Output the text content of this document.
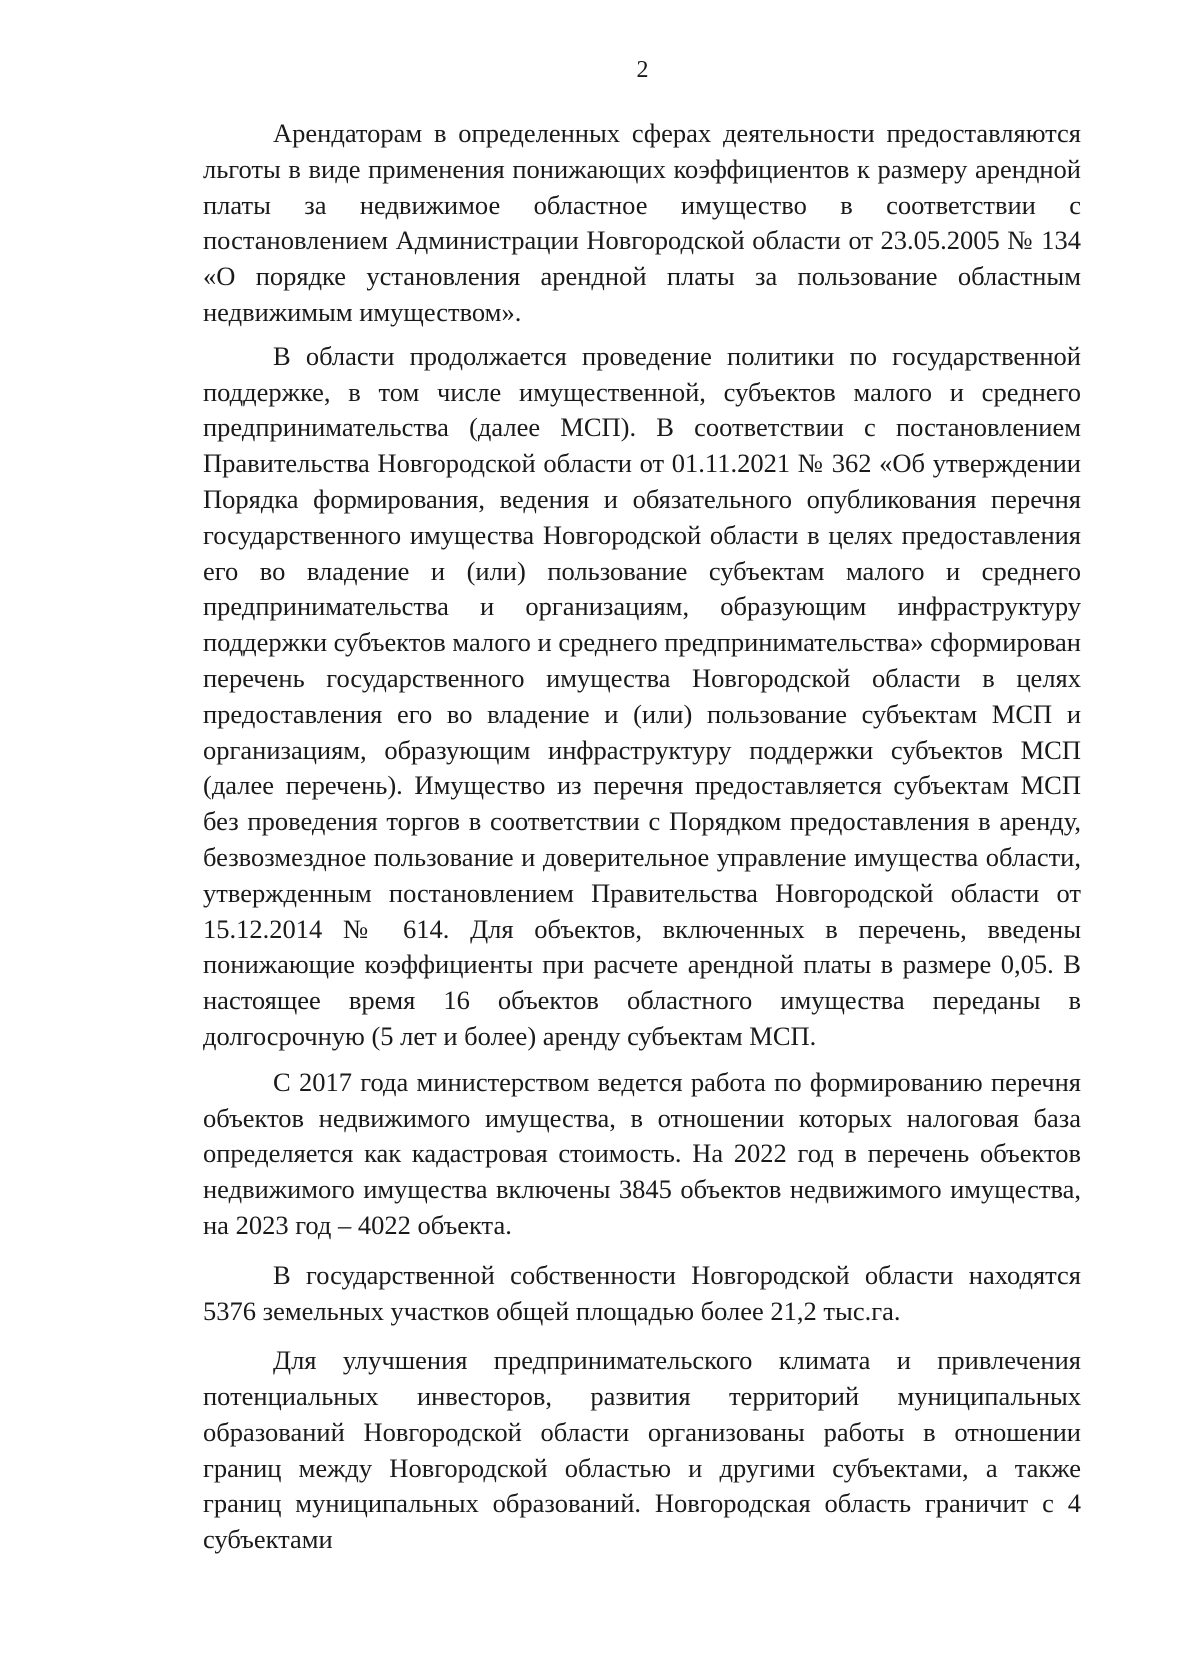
2

Арендаторам в определенных сферах деятельности предоставляются льготы в виде применения понижающих коэффициентов к размеру арендной платы за недвижимое областное имущество в соответствии с постановлением Администрации Новгородской области от 23.05.2005 № 134 «О порядке установления арендной платы за пользование областным недвижимым имуществом».

В области продолжается проведение политики по государственной поддержке, в том числе имущественной, субъектов малого и среднего предпринимательства (далее МСП). В соответствии с постановлением Правительства Новгородской области от 01.11.2021 № 362 «Об утверждении Порядка формирования, ведения и обязательного опубликования перечня государственного имущества Новгородской области в целях предоставления его во владение и (или) пользование субъектам малого и среднего предпринимательства и организациям, образующим инфраструктуру поддержки субъектов малого и среднего предпринимательства» сформирован перечень государственного имущества Новгородской области в целях предоставления его во владение и (или) пользование субъектам МСП и организациям, образующим инфраструктуру поддержки субъектов МСП (далее перечень). Имущество из перечня предоставляется субъектам МСП без проведения торгов в соответствии с Порядком предоставления в аренду, безвозмездное пользование и доверительное управление имущества области, утвержденным постановлением Правительства Новгородской области от 15.12.2014 № 614. Для объектов, включенных в перечень, введены понижающие коэффициенты при расчете арендной платы в размере 0,05. В настоящее время 16 объектов областного имущества переданы в долгосрочную (5 лет и более) аренду субъектам МСП.

С 2017 года министерством ведется работа по формированию перечня объектов недвижимого имущества, в отношении которых налоговая база определяется как кадастровая стоимость. На 2022 год в перечень объектов недвижимого имущества включены 3845 объектов недвижимого имущества, на 2023 год – 4022 объекта.

В государственной собственности Новгородской области находятся 5376 земельных участков общей площадью более 21,2 тыс.га.

Для улучшения предпринимательского климата и привлечения потенциальных инвесторов, развития территорий муниципальных образований Новгородской области организованы работы в отношении границ между Новгородской областью и другими субъектами, а также границ муниципальных образований. Новгородская область граничит с 4 субъектами
